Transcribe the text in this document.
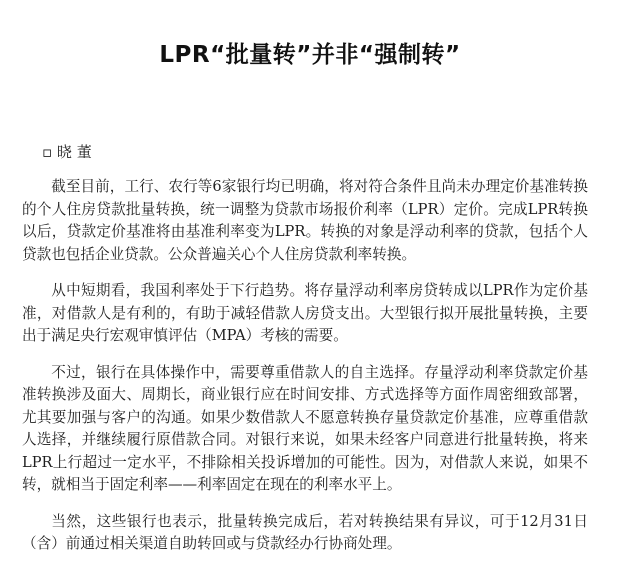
LPR“批量转”并非“强制转”
▫ 晓 董

截至目前，工行、农行等6家银行均已明确，将对符合条件且尚未办理定价基准转换的个人住房贷款批量转换，统一调整为贷款市场报价利率（LPR）定价。完成LPR转换以后，贷款定价基准将由基准利率变为LPR。转换的对象是浮动利率的贷款，包括个人贷款也包括企业贷款。公众普遍关心个人住房贷款利率转换。

从中短期看，我国利率处于下行趋势。将存量浮动利率房贷转成以LPR作为定价基准，对借款人是有利的，有助于减轻借款人房贷支出。大型银行拟开展批量转换，主要出于满足央行宏观审慎评估（MPA）考核的需要。

不过，银行在具体操作中，需要尊重借款人的自主选择。存量浮动利率贷款定价基准转换涉及面大、周期长，商业银行应在时间安排、方式选择等方面作周密细致部署，尤其要加强与客户的沟通。如果少数借款人不愿意转换存量贷款定价基准，应尊重借款人选择，并继续履行原借款合同。对银行来说，如果未经客户同意进行批量转换，将来LPR上行超过一定水平，不排除相关投诉增加的可能性。因为，对借款人来说，如果不转，就相当于固定利率——利率固定在现在的利率水平上。

当然，这些银行也表示，批量转换完成后，若对转换结果有异议，可于12月31日（含）前通过相关渠道自助转回或与贷款经办行协商处理。
